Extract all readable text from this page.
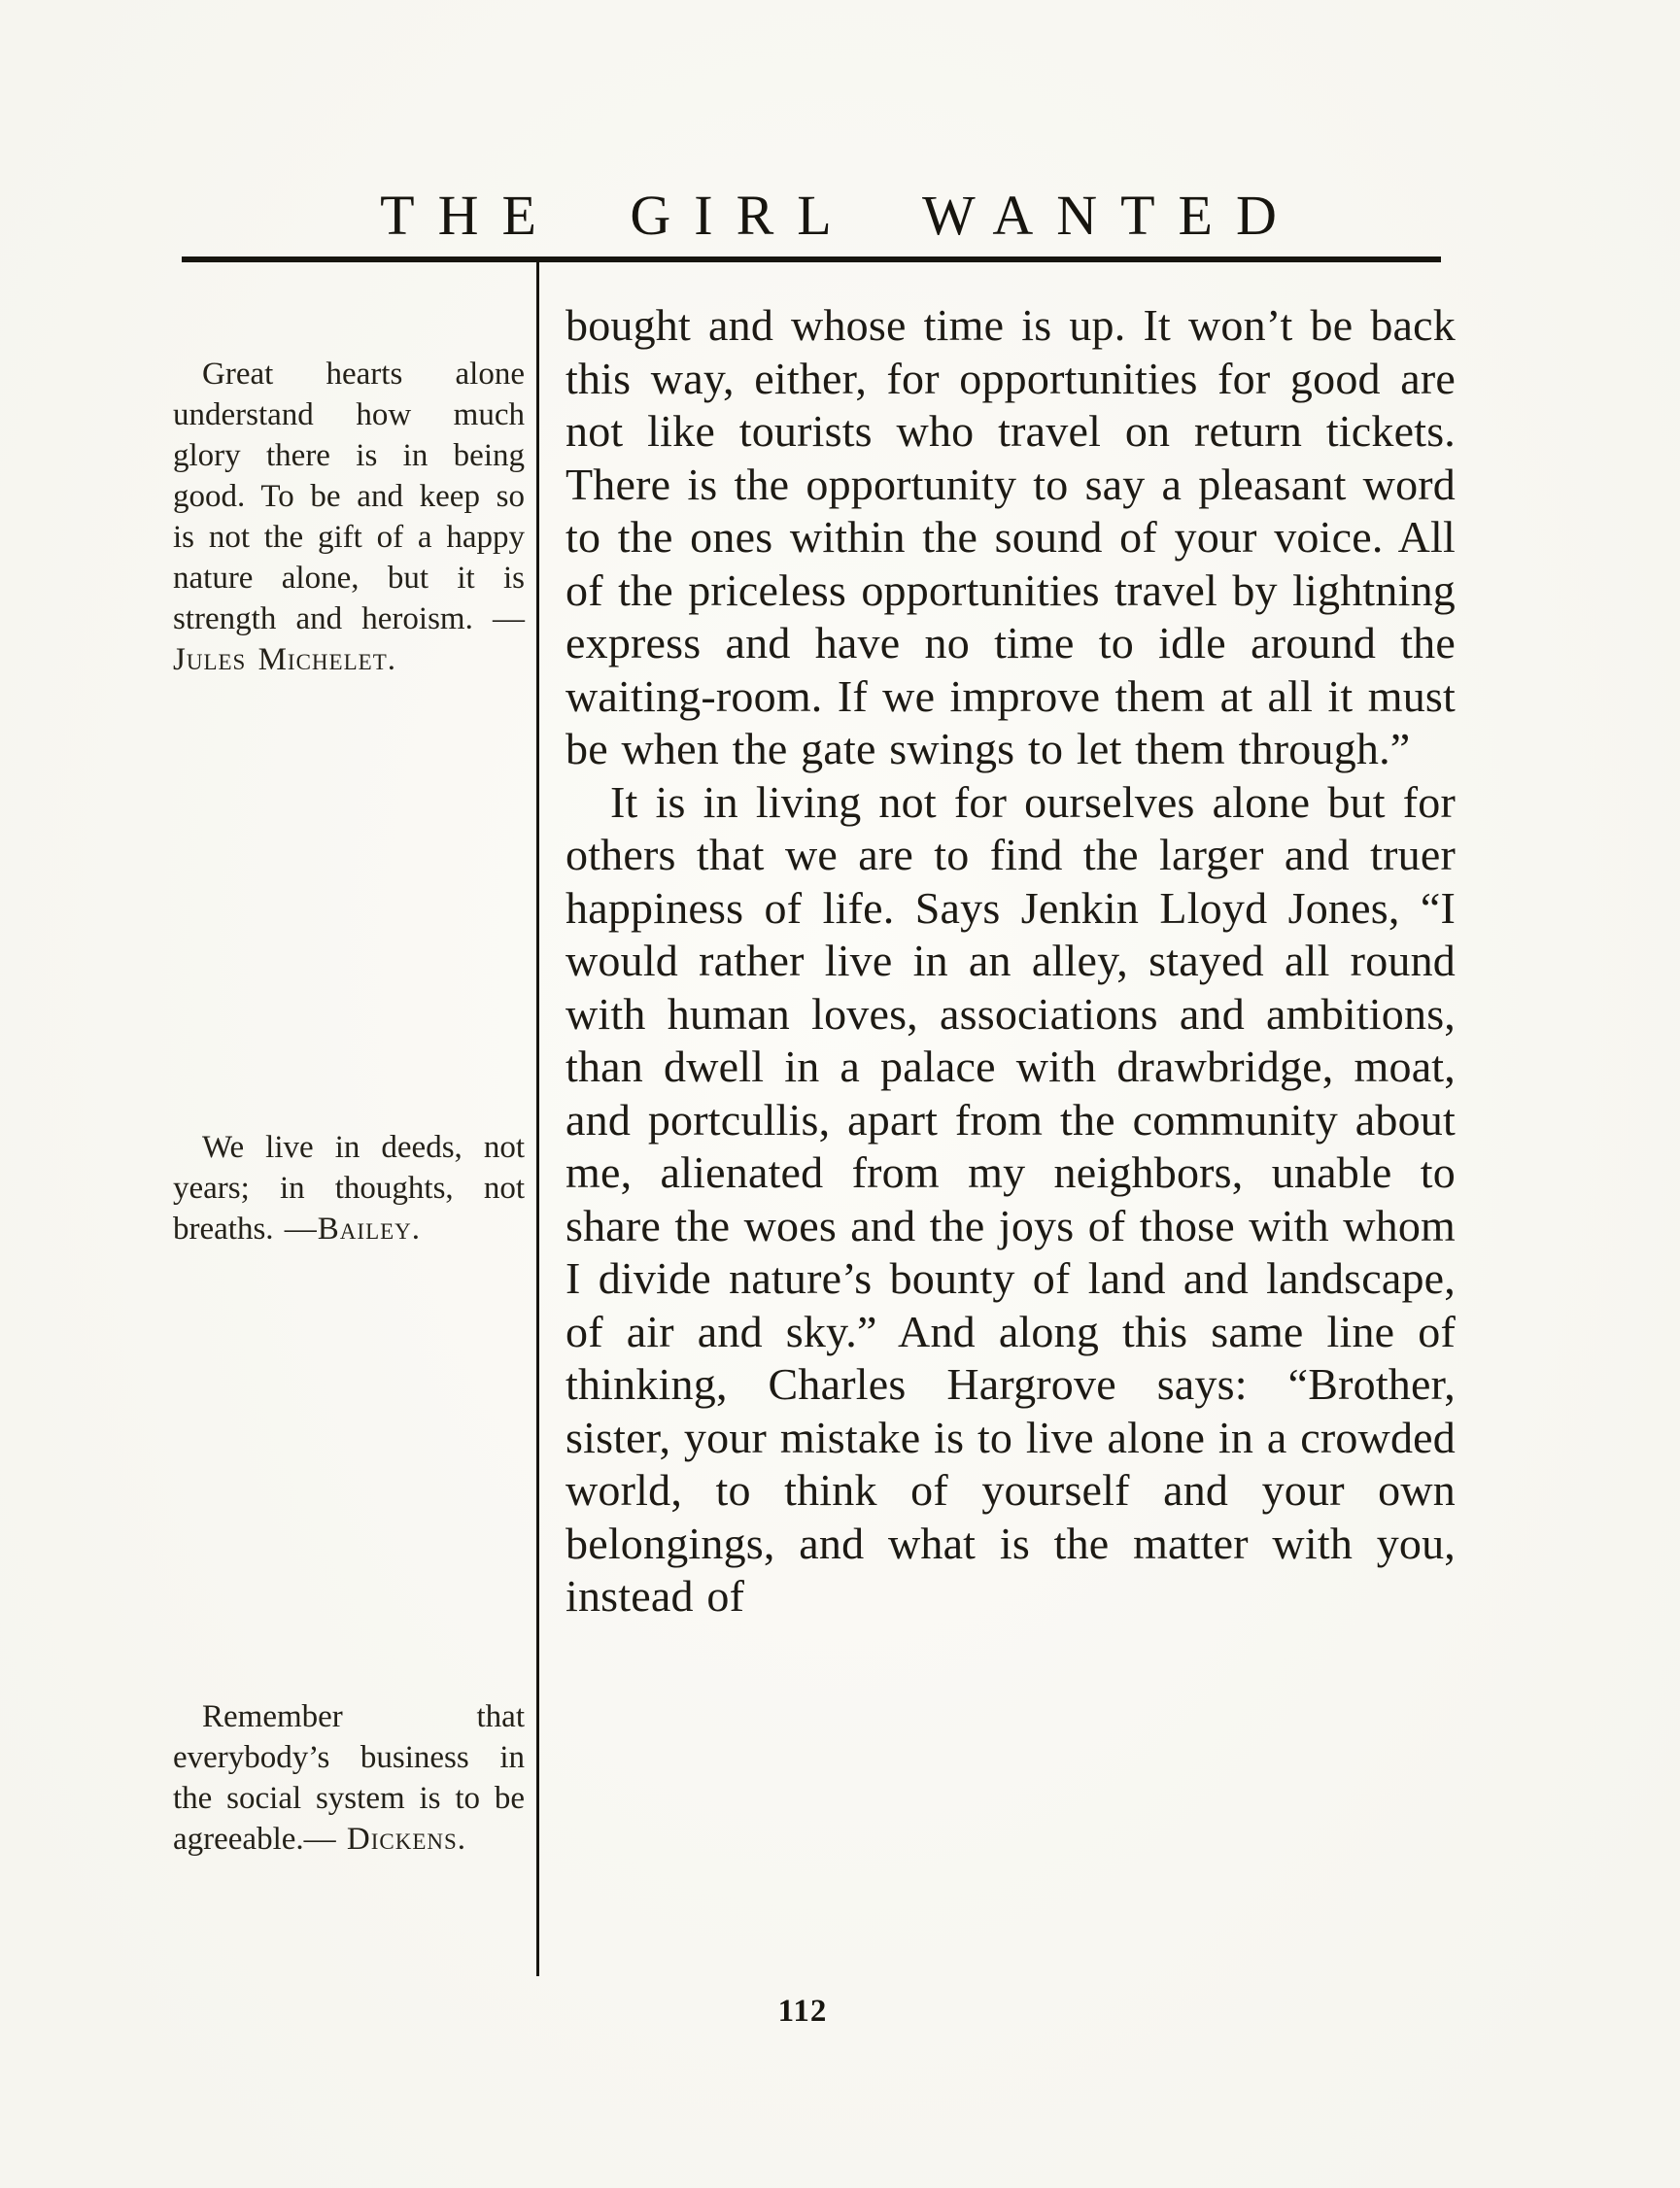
THE GIRL WANTED
Great hearts alone understand how much glory there is in being good. To be and keep so is not the gift of a happy nature alone, but it is strength and heroism. — Jules Michelet.
We live in deeds, not years; in thoughts, not breaths. —Bailey.
Remember that everybody’s business in the social system is to be agreeable.— Dickens.

bought and whose time is up. It won’t be back this way, either, for opportunities for good are not like tourists who travel on return tickets. There is the opportunity to say a pleasant word to the ones within the sound of your voice. All of the priceless opportunities travel by lightning express and have no time to idle around the waiting-room. If we improve them at all it must be when the gate swings to let them through.”

It is in living not for ourselves alone but for others that we are to find the larger and truer happiness of life. Says Jenkin Lloyd Jones, “I would rather live in an alley, stayed all round with human loves, associations and ambitions, than dwell in a palace with drawbridge, moat, and portcullis, apart from the community about me, alienated from my neighbors, unable to share the woes and the joys of those with whom I divide nature’s bounty of land and landscape, of air and sky.” And along this same line of thinking, Charles Hargrove says: “Brother, sister, your mistake is to live alone in a crowded world, to think of yourself and your own belongings, and what is the matter with you, instead of

112
